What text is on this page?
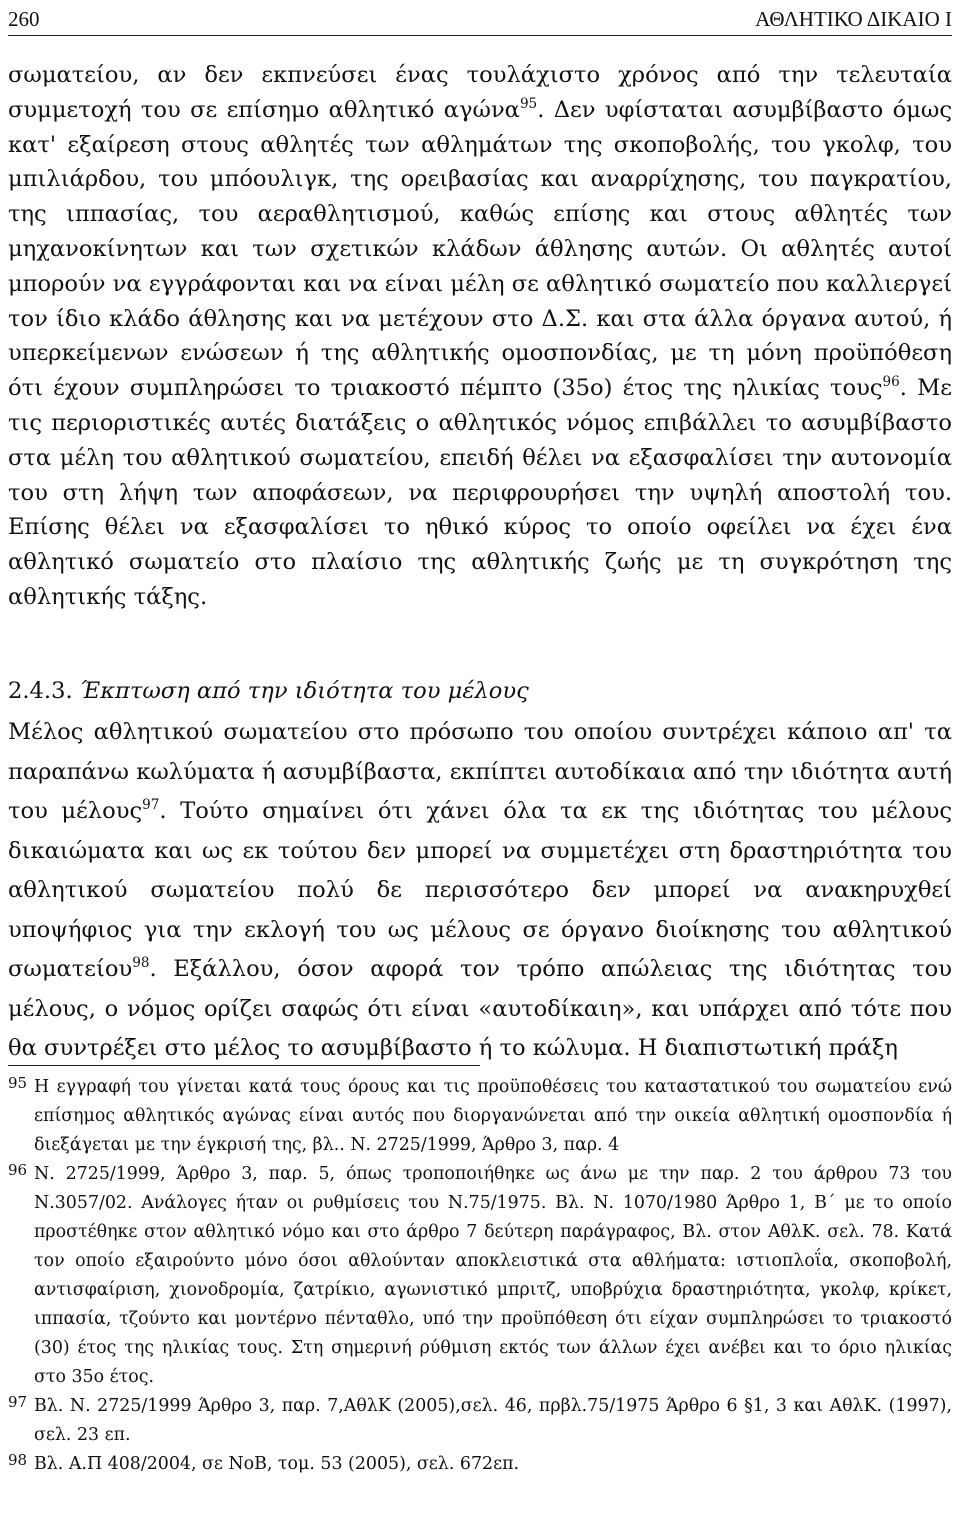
260	ΑΘΛΗΤΙΚΟ ΔΙΚΑΙΟ Ι

σωματείου, αν δεν εκπνεύσει ένας τουλάχιστο χρόνος από την τελευταία συμμετοχή του σε επίσημο αθλητικό αγώνα$^{95}$. Δεν υφίσταται ασυμβίβαστο όμως κατ' εξαίρεση στους αθλητές των αθλημάτων της σκοποβολής, του γκολφ, του μπιλιάρδου, του μπόουλιγκ, της ορειβασίας και αναρρίχησης, του παγκρατίου, της ιππασίας, του αεραθλητισμού, καθώς επίσης και στους αθλητές των μηχανοκίνητων και των σχετικών κλάδων άθλησης αυτών. Οι αθλητές αυτοί μπορούν να εγγράφονται και να είναι μέλη σε αθλητικό σωματείο που καλλιεργεί τον ίδιο κλάδο άθλησης και να μετέχουν στο Δ.Σ. και στα άλλα όργανα αυτού, ή υπερκείμενων ενώσεων ή της αθλητικής ομοσπονδίας, με τη μόνη προϋπόθεση ότι έχουν συμπληρώσει το τριακοστό πέμπτο (35ο) έτος της ηλικίας τους$^{96}$. Με τις περιοριστικές αυτές διατάξεις ο αθλητικός νόμος επιβάλλει το ασυμβίβαστο στα μέλη του αθλητικού σωματείου, επειδή θέλει να εξασφαλίσει την αυτονομία του στη λήψη των αποφάσεων, να περιφρουρήσει την υψηλή αποστολή του. Επίσης θέλει να εξασφαλίσει το ηθικό κύρος το οποίο οφείλει να έχει ένα αθλητικό σωματείο στο πλαίσιο της αθλητικής ζωής με τη συγκρότηση της αθλητικής τάξης.

2.4.3. Έκπτωση από την ιδιότητα του μέλους

Μέλος αθλητικού σωματείου στο πρόσωπο του οποίου συντρέχει κάποιο απ' τα παραπάνω κωλύματα ή ασυμβίβαστα, εκπίπτει αυτοδίκαια από την ιδιότητα αυτή του μέλους$^{97}$. Τούτο σημαίνει ότι χάνει όλα τα εκ της ιδιότητας του μέλους δικαιώματα και ως εκ τούτου δεν μπορεί να συμμετέχει στη δραστηριότητα του αθλητικού σωματείου πολύ δε περισσότερο δεν μπορεί να ανακηρυχθεί υποψήφιος για την εκλογή του ως μέλους σε όργανο διοίκησης του αθλητικού σωματείου$^{98}$. Εξάλλου, όσον αφορά τον τρόπο απώλειας της ιδιότητας του μέλους, ο νόμος ορίζει σαφώς ότι είναι «αυτοδίκαιη», και υπάρχει από τότε που θα συντρέξει στο μέλος το ασυμβίβαστο ή το κώλυμα. Η διαπιστωτική πράξη

95 Η εγγραφή του γίνεται κατά τους όρους και τις προϋποθέσεις του καταστατικού του σωματείου ενώ επίσημος αθλητικός αγώνας είναι αυτός που διοργανώνεται από την οικεία αθλητική ομοσπονδία ή διεξάγεται με την έγκρισή της, βλ.. Ν. 2725/1999, Άρθρο 3, παρ. 4
96 Ν. 2725/1999, Άρθρο 3, παρ. 5, όπως τροποποιήθηκε ως άνω με την παρ. 2 του άρθρου 73 του Ν.3057/02. Ανάλογες ήταν οι ρυθμίσεις του Ν.75/1975. Βλ. Ν. 1070/1980 Άρθρο 1, Β΄ με το οποίο προστέθηκε στον αθλητικό νόμο και στο άρθρο 7 δεύτερη παράγραφος, Βλ. στον ΑθλΚ. σελ. 78. Κατά τον οποίο εξαιρούντο μόνο όσοι αθλούνταν αποκλειστικά στα αθλήματα: ιστιοπλοΐα, σκοποβολή, αντισφαίριση, χιονοδρομία, ζατρίκιο, αγωνιστικό μπριτζ, υποβρύχια δραστηριότητα, γκολφ, κρίκετ, ιππασία, τζούντο και μοντέρνο πένταθλο, υπό την προϋπόθεση ότι είχαν συμπληρώσει το τριακοστό (30) έτος της ηλικίας τους. Στη σημερινή ρύθμιση εκτός των άλλων έχει ανέβει και το όριο ηλικίας στο 35ο έτος.
97 Βλ. Ν. 2725/1999 Άρθρο 3, παρ. 7,ΑθλΚ (2005),σελ. 46, πρβλ.75/1975 Άρθρο 6 §1, 3 και ΑθλΚ. (1997), σελ. 23 επ.
98 Βλ. Α.Π 408/2004, σε ΝοΒ, τομ. 53 (2005), σελ. 672επ.
